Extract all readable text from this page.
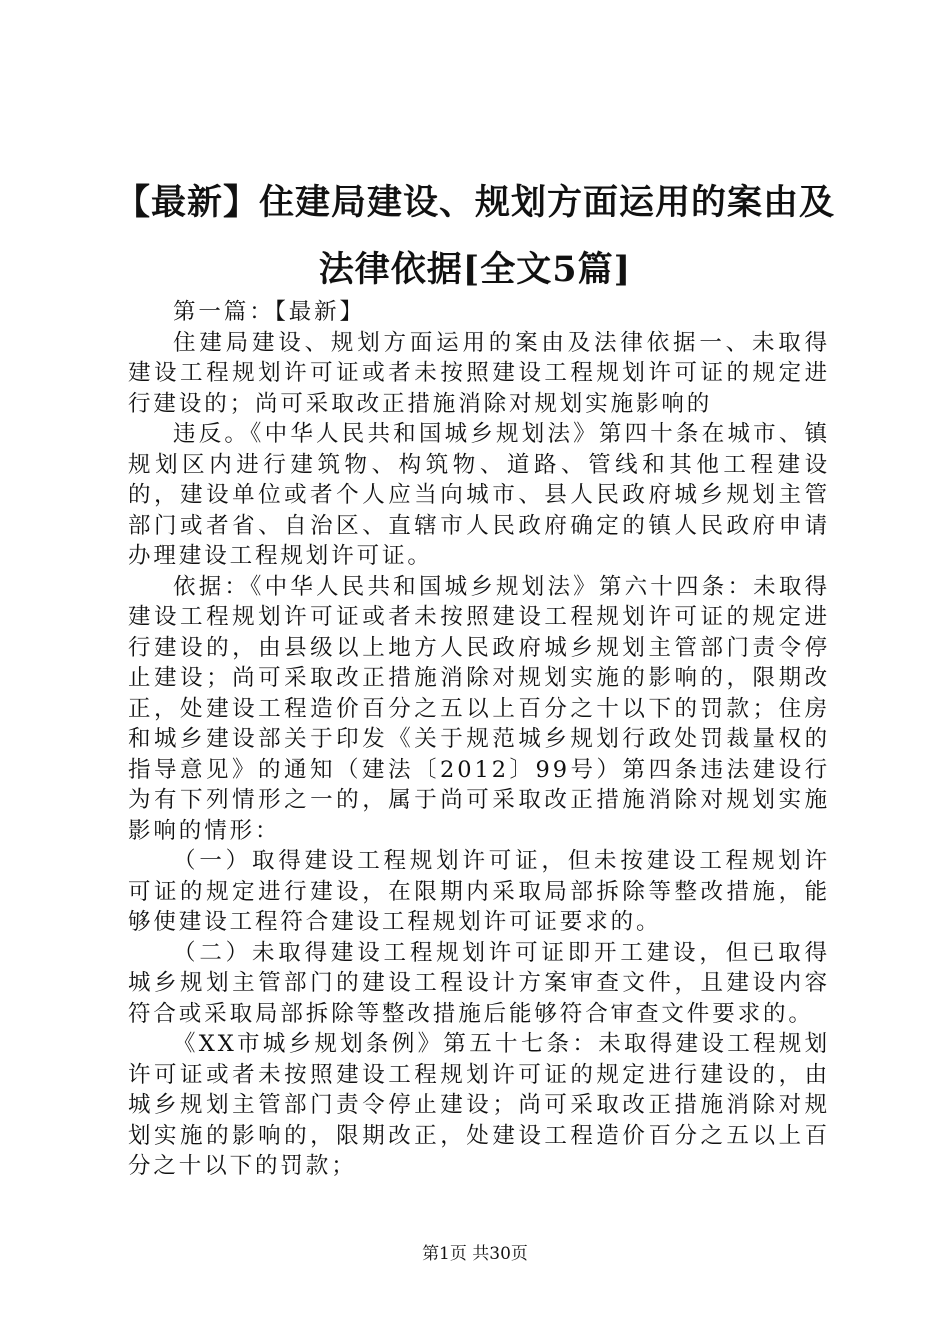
【最新】住建局建设、规划方面运用的案由及
法律依据[全文5篇]

第一篇：【最新】

住建局建设、规划方面运用的案由及法律依据一、未取得建设工程规划许可证或者未按照建设工程规划许可证的规定进行建设的；尚可采取改正措施消除对规划实施影响的

违反。《中华人民共和国城乡规划法》第四十条在城市、镇规划区内进行建筑物、构筑物、道路、管线和其他工程建设的，建设单位或者个人应当向城市、县人民政府城乡规划主管部门或者省、自治区、直辖市人民政府确定的镇人民政府申请办理建设工程规划许可证。

依据：《中华人民共和国城乡规划法》第六十四条：未取得建设工程规划许可证或者未按照建设工程规划许可证的规定进行建设的，由县级以上地方人民政府城乡规划主管部门责令停止建设；尚可采取改正措施消除对规划实施的影响的，限期改正，处建设工程造价百分之五以上百分之十以下的罚款；住房和城乡建设部关于印发《关于规范城乡规划行政处罚裁量权的指导意见》的通知（建法〔2012〕99号）第四条违法建设行为有下列情形之一的，属于尚可采取改正措施消除对规划实施影响的情形：

（一）取得建设工程规划许可证，但未按建设工程规划许可证的规定进行建设，在限期内采取局部拆除等整改措施，能够使建设工程符合建设工程规划许可证要求的。

（二）未取得建设工程规划许可证即开工建设，但已取得城乡规划主管部门的建设工程设计方案审查文件，且建设内容符合或采取局部拆除等整改措施后能够符合审查文件要求的。

《XX市城乡规划条例》第五十七条：未取得建设工程规划许可证或者未按照建设工程规划许可证的规定进行建设的，由城乡规划主管部门责令停止建设；尚可采取改正措施消除对规划实施的影响的，限期改正，处建设工程造价百分之五以上百分之十以下的罚款；

第1页 共30页
